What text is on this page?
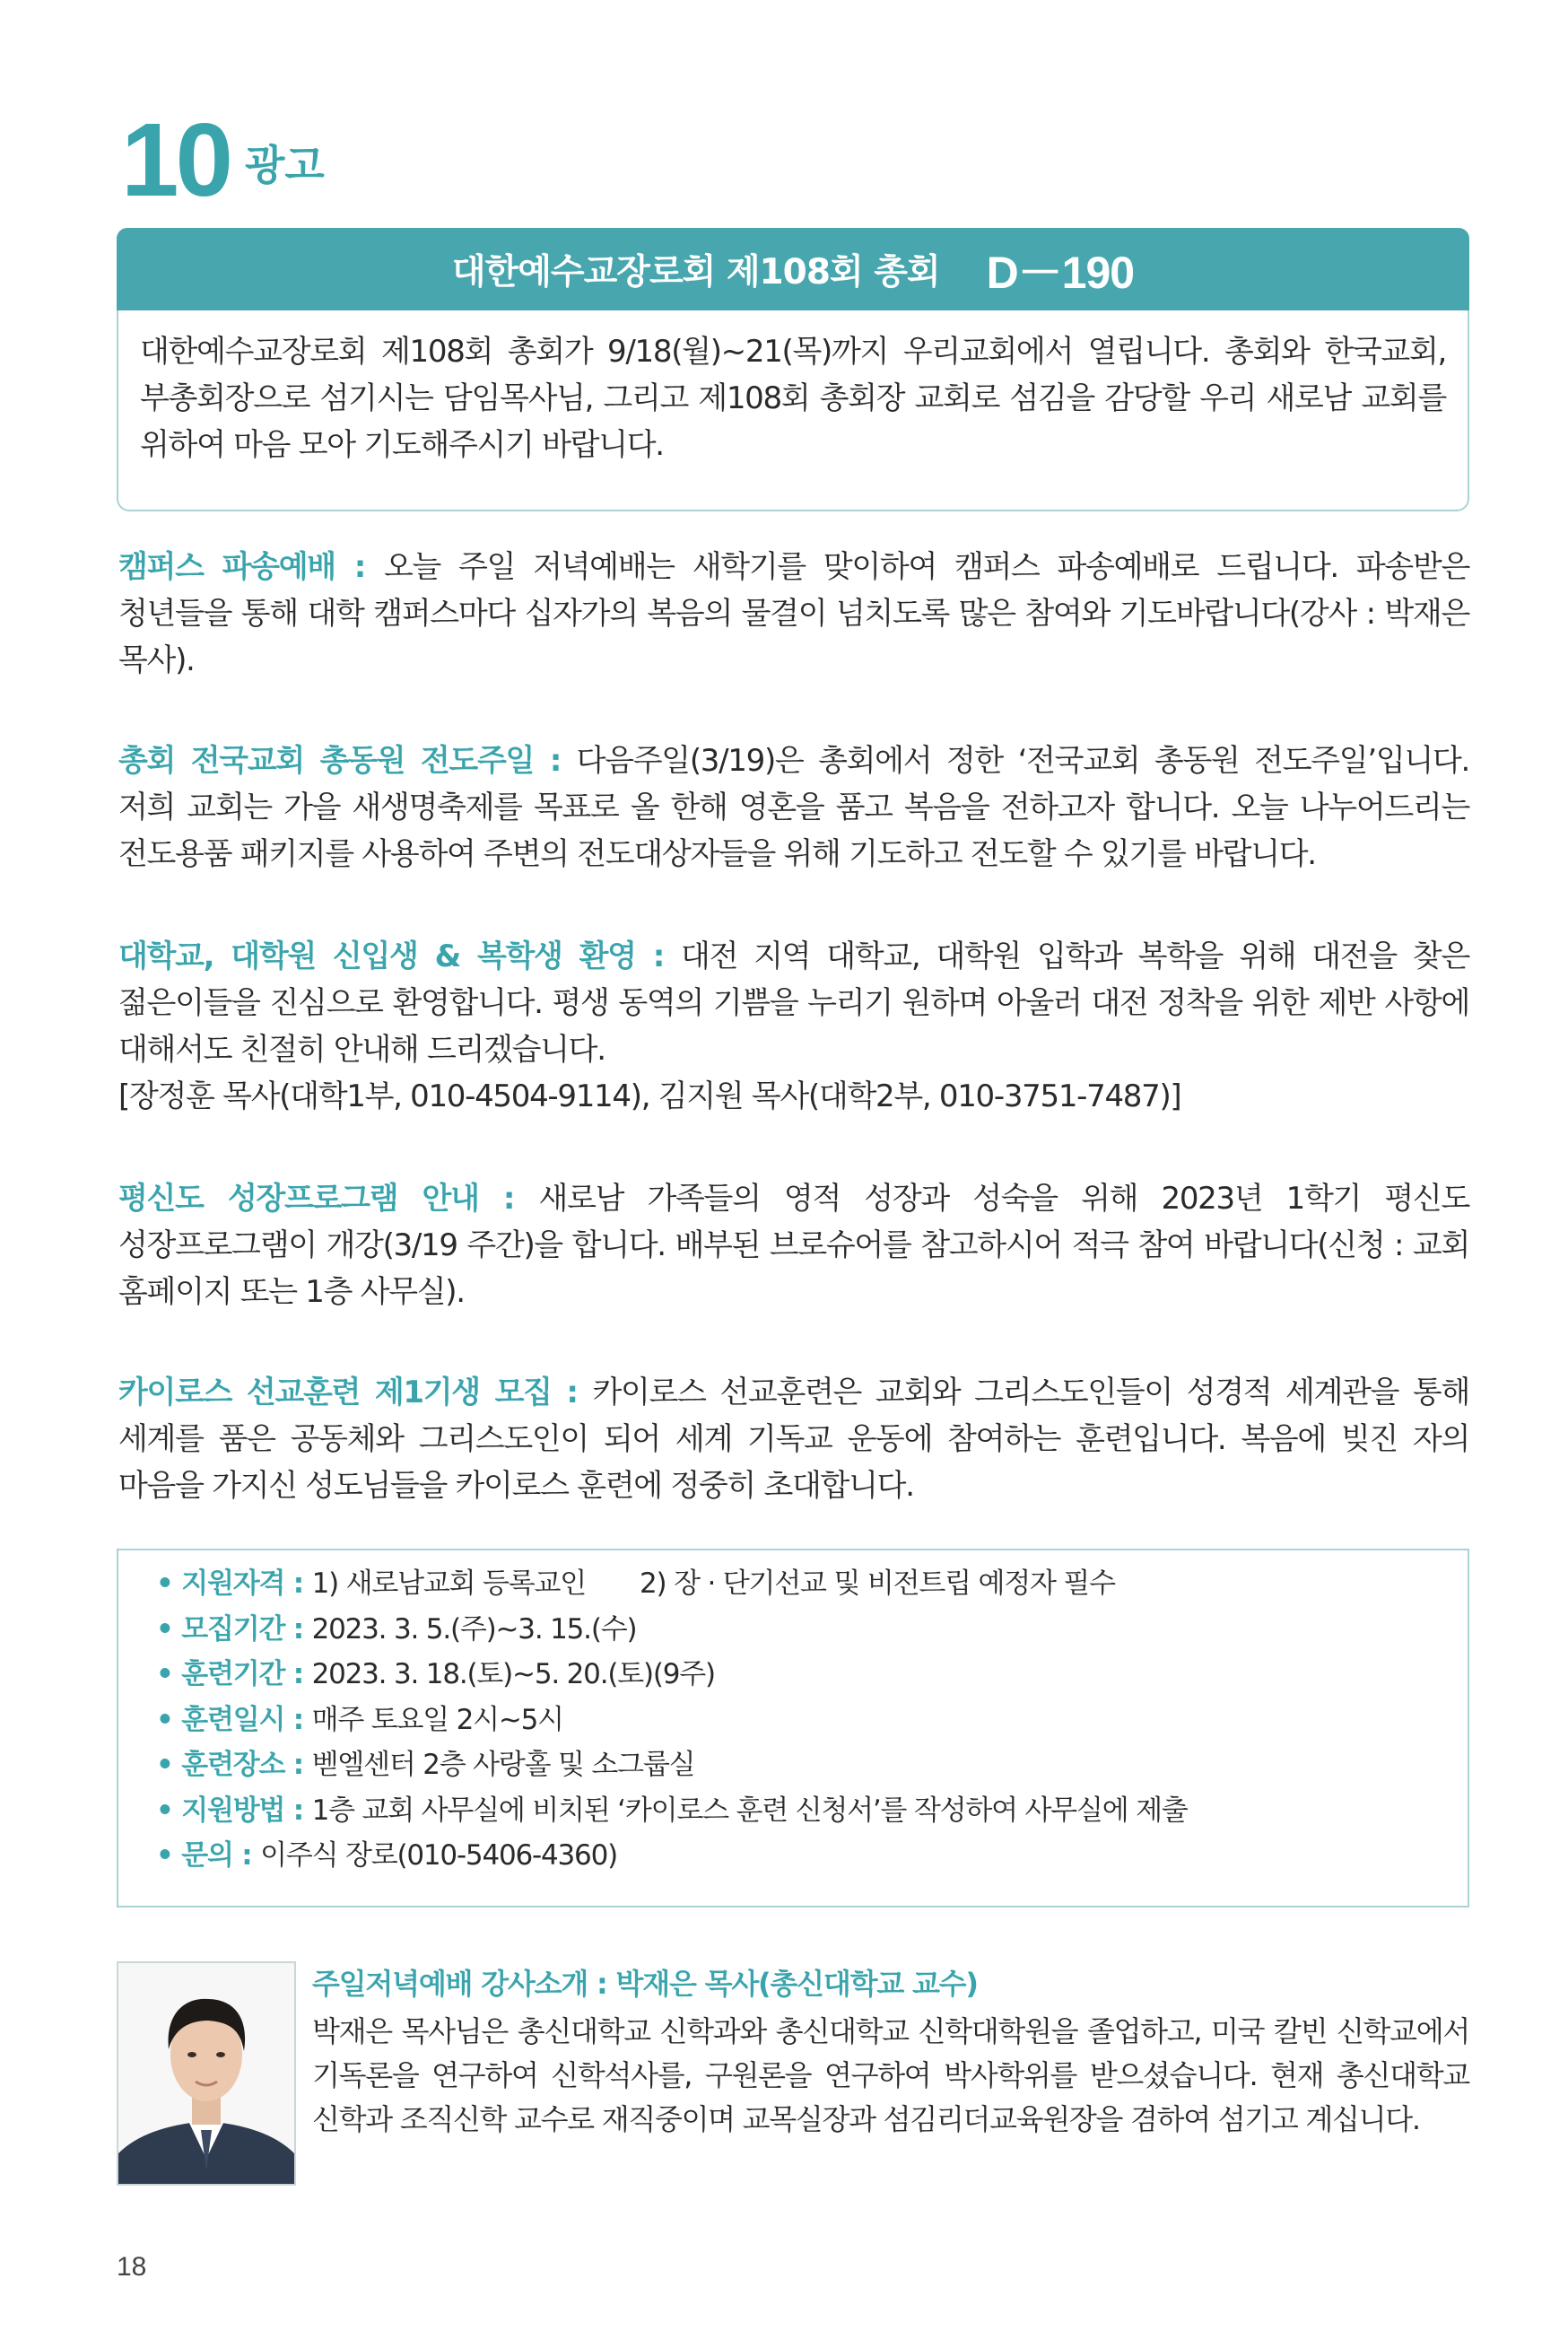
10 광고
대한예수교장로회 제108회 총회 D－190

대한예수교장로회 제108회 총회가 9/18(월)~21(목)까지 우리교회에서 열립니다. 총회와 한국교회, 부총회장으로 섬기시는 담임목사님, 그리고 제108회 총회장 교회로 섬김을 감당할 우리 새로남 교회를 위하여 마음 모아 기도해주시기 바랍니다.

캠퍼스 파송예배 : 오늘 주일 저녁예배는 새학기를 맞이하여 캠퍼스 파송예배로 드립니다. 파송받은 청년들을 통해 대학 캠퍼스마다 십자가의 복음의 물결이 넘치도록 많은 참여와 기도바랍니다(강사 : 박재은 목사).

총회 전국교회 총동원 전도주일 : 다음주일(3/19)은 총회에서 정한 ‘전국교회 총동원 전도주일’입니다. 저희 교회는 가을 새생명축제를 목표로 올 한해 영혼을 품고 복음을 전하고자 합니다. 오늘 나누어드리는 전도용품 패키지를 사용하여 주변의 전도대상자들을 위해 기도하고 전도할 수 있기를 바랍니다.

대학교, 대학원 신입생 & 복학생 환영 : 대전 지역 대학교, 대학원 입학과 복학을 위해 대전을 찾은 젊은이들을 진심으로 환영합니다. 평생 동역의 기쁨을 누리기 원하며 아울러 대전 정착을 위한 제반 사항에 대해서도 친절히 안내해 드리겠습니다.

[장정훈 목사(대학1부, 010-4504-9114), 김지원 목사(대학2부, 010-3751-7487)]

평신도 성장프로그램 안내 : 새로남 가족들의 영적 성장과 성숙을 위해 2023년 1학기 평신도 성장프로그램이 개강(3/19 주간)을 합니다. 배부된 브로슈어를 참고하시어 적극 참여 바랍니다(신청 : 교회 홈페이지 또는 1층 사무실).

카이로스 선교훈련 제1기생 모집 : 카이로스 선교훈련은 교회와 그리스도인들이 성경적 세계관을 통해 세계를 품은 공동체와 그리스도인이 되어 세계 기독교 운동에 참여하는 훈련입니다. 복음에 빚진 자의 마음을 가지신 성도님들을 카이로스 훈련에 정중히 초대합니다.

• 지원자격 : 1) 새로남교회 등록교인 2) 장 · 단기선교 및 비전트립 예정자 필수
• 모집기간 : 2023. 3. 5.(주)~3. 15.(수)
• 훈련기간 : 2023. 3. 18.(토)~5. 20.(토)(9주)
• 훈련일시 : 매주 토요일 2시~5시
• 훈련장소 : 벧엘센터 2층 사랑홀 및 소그룹실
• 지원방법 : 1층 교회 사무실에 비치된 ‘카이로스 훈련 신청서’를 작성하여 사무실에 제출
• 문의 : 이주식 장로(010-5406-4360)
주일저녁예배 강사소개 : 박재은 목사(총신대학교 교수)

박재은 목사님은 총신대학교 신학과와 총신대학교 신학대학원을 졸업하고, 미국 칼빈 신학교에서 기독론을 연구하여 신학석사를, 구원론을 연구하여 박사학위를 받으셨습니다. 현재 총신대학교 신학과 조직신학 교수로 재직중이며 교목실장과 섬김리더교육원장을 겸하여 섬기고 계십니다.

18
